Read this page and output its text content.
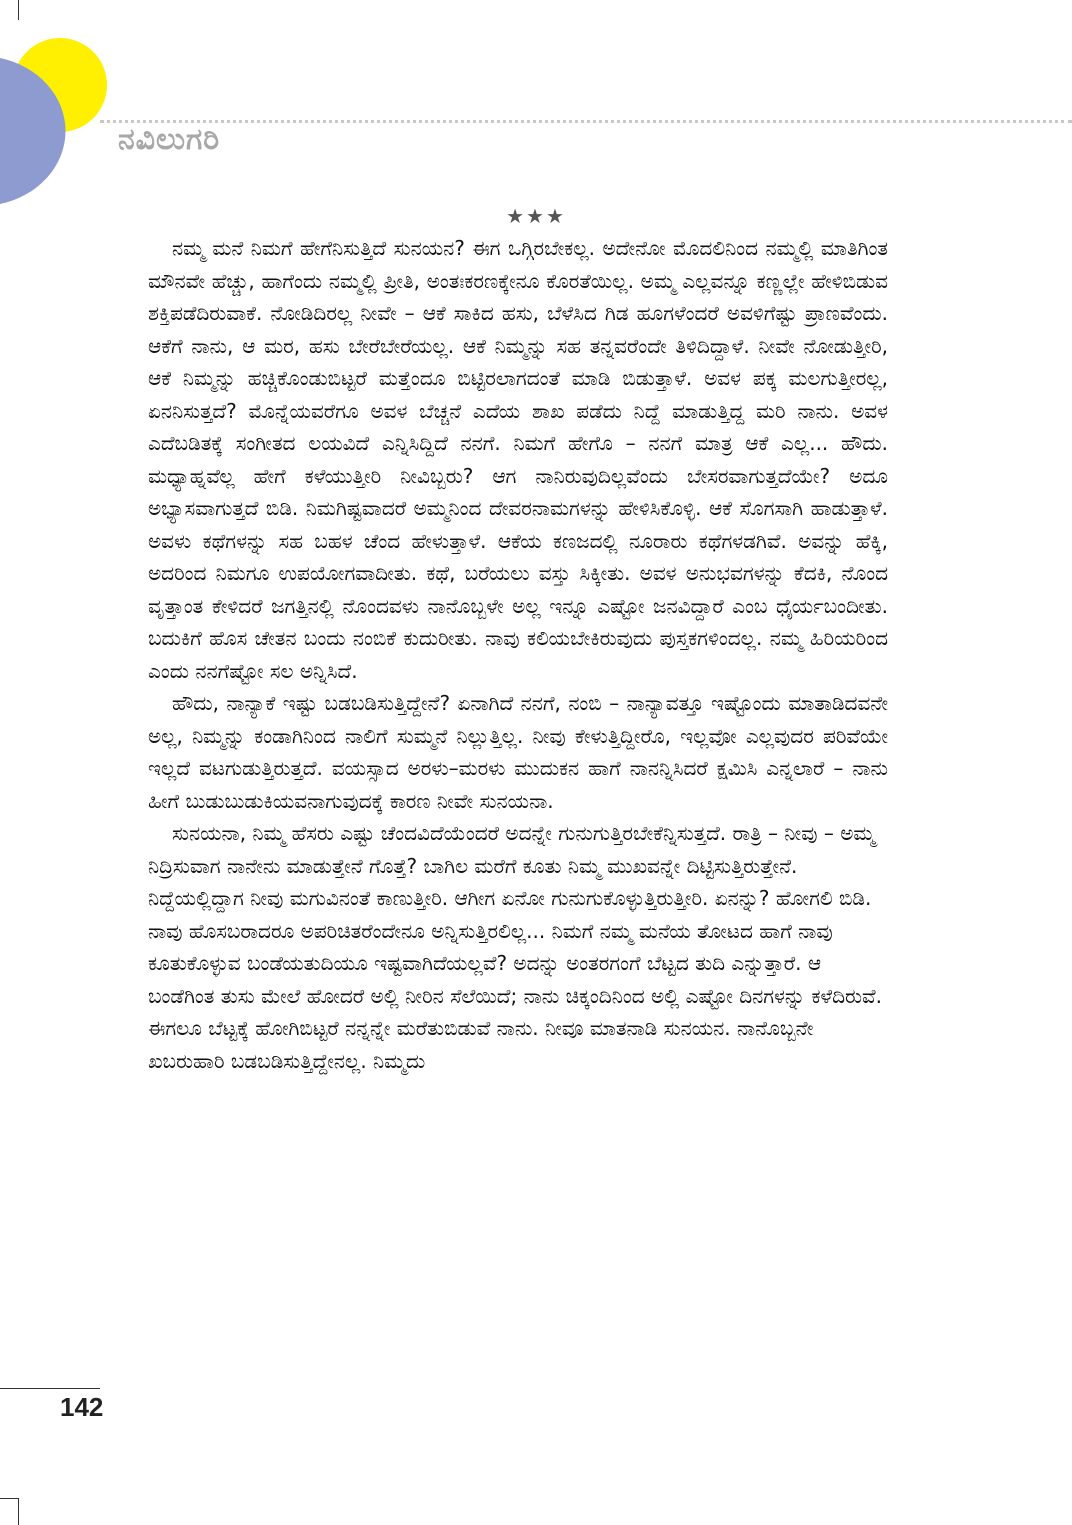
ನವಿಲುಗರಿ
★★★

ನಮ್ಮ ಮನೆ ನಿಮಗೆ ಹೇಗೆನಿಸುತ್ತಿದೆ ಸುನಯನ? ಈಗ ಒಗ್ಗಿರಬೇಕಲ್ಲ. ಅದೇನೋ ಮೊದಲಿನಿಂದ ನಮ್ಮಲ್ಲಿ ಮಾತಿಗಿಂತ ಮೌನವೇ ಹೆಚ್ಚು, ಹಾಗೆಂದು ನಮ್ಮಲ್ಲಿ ಪ್ರೀತಿ, ಅಂತಃಕರಣಕ್ಕೇನೂ ಕೊರತೆಯಿಲ್ಲ. ಅಮ್ಮ ಎಲ್ಲವನ್ನೂ ಕಣ್ಣಲ್ಲೇ ಹೇಳಿಬಿಡುವ ಶಕ್ತಿಪಡೆದಿರುವಾಕೆ. ನೋಡಿದಿರಲ್ಲ ನೀವೇ – ಆಕೆ ಸಾಕಿದ ಹಸು, ಬೆಳೆಸಿದ ಗಿಡ ಹೂಗಳೆಂದರೆ ಅವಳಿಗೆಷ್ಟು ಪ್ರಾಣವೆಂದು. ಆಕೆಗೆ ನಾನು, ಆ ಮರ, ಹಸು ಬೇರೆಬೇರೆಯಲ್ಲ. ಆಕೆ ನಿಮ್ಮನ್ನು ಸಹ ತನ್ನವರೆಂದೇ ತಿಳಿದಿದ್ದಾಳೆ. ನೀವೇ ನೋಡುತ್ತೀರಿ, ಆಕೆ ನಿಮ್ಮನ್ನು ಹಚ್ಚಿಕೊಂಡುಬಿಟ್ಟರೆ ಮತ್ತೆಂದೂ ಬಿಟ್ಟಿರಲಾಗದಂತೆ ಮಾಡಿ ಬಿಡುತ್ತಾಳೆ. ಅವಳ ಪಕ್ಕ ಮಲಗುತ್ತೀರಲ್ಲ, ಏನನಿಸುತ್ತದೆ? ಮೊನ್ನೆಯವರೆಗೂ ಅವಳ ಬೆಚ್ಚನೆ ಎದೆಯ ಶಾಖ ಪಡೆದು ನಿದ್ದೆ ಮಾಡುತ್ತಿದ್ದ ಮರಿ ನಾನು. ಅವಳ ಎದೆಬಡಿತಕ್ಕೆ ಸಂಗೀತದ ಲಯವಿದೆ ಎನ್ನಿಸಿದ್ದಿದೆ ನನಗೆ. ನಿಮಗೆ ಹೇಗೊ – ನನಗೆ ಮಾತ್ರ ಆಕೆ ಎಲ್ಲ... ಹೌದು. ಮಧ್ಯಾಹ್ನವೆಲ್ಲ ಹೇಗೆ ಕಳೆಯುತ್ತೀರಿ ನೀವಿಬ್ಬರು? ಆಗ ನಾನಿರುವುದಿಲ್ಲವೆಂದು ಬೇಸರವಾಗುತ್ತದೆಯೇ? ಅದೂ ಅಭ್ಯಾಸವಾಗುತ್ತದೆ ಬಿಡಿ. ನಿಮಗಿಷ್ಟವಾದರೆ ಅಮ್ಮನಿಂದ ದೇವರನಾಮಗಳನ್ನು ಹೇಳಿಸಿಕೊಳ್ಳಿ. ಆಕೆ ಸೊಗಸಾಗಿ ಹಾಡುತ್ತಾಳೆ. ಅವಳು ಕಥೆಗಳನ್ನು ಸಹ ಬಹಳ ಚೆಂದ ಹೇಳುತ್ತಾಳೆ. ಆಕೆಯ ಕಣಜದಲ್ಲಿ ನೂರಾರು ಕಥೆಗಳಡಗಿವೆ. ಅವನ್ನು ಹೆಕ್ಕಿ, ಅದರಿಂದ ನಿಮಗೂ ಉಪಯೋಗವಾದೀತು. ಕಥೆ, ಬರೆಯಲು ವಸ್ತು ಸಿಕ್ಕೀತು. ಅವಳ ಅನುಭವಗಳನ್ನು ಕೆದಕಿ, ನೊಂದ ವೃತ್ತಾಂತ ಕೇಳಿದರೆ ಜಗತ್ತಿನಲ್ಲಿ ನೊಂದವಳು ನಾನೊಬ್ಬಳೇ ಅಲ್ಲ ಇನ್ನೂ ಎಷ್ಟೋ ಜನವಿದ್ದಾರೆ ಎಂಬ ಧೈರ್ಯಬಂದೀತು. ಬದುಕಿಗೆ ಹೊಸ ಚೇತನ ಬಂದು ನಂಬಿಕೆ ಕುದುರೀತು. ನಾವು ಕಲಿಯಬೇಕಿರುವುದು ಪುಸ್ತಕಗಳಿಂದಲ್ಲ. ನಮ್ಮ ಹಿರಿಯರಿಂದ ಎಂದು ನನಗೆಷ್ಟೋ ಸಲ ಅನ್ನಿಸಿದೆ.

ಹೌದು, ನಾನ್ಯಾಕೆ ಇಷ್ಟು ಬಡಬಡಿಸುತ್ತಿದ್ದೇನೆ? ಏನಾಗಿದೆ ನನಗೆ, ನಂಬಿ – ನಾನ್ಯಾವತ್ತೂ ಇಷ್ಟೊಂದು ಮಾತಾಡಿದವನೇ ಅಲ್ಲ, ನಿಮ್ಮನ್ನು ಕಂಡಾಗಿನಿಂದ ನಾಲಿಗೆ ಸುಮ್ಮನೆ ನಿಲ್ಲುತ್ತಿಲ್ಲ. ನೀವು ಕೇಳುತ್ತಿದ್ದೀರೊ, ಇಲ್ಲವೋ ಎಲ್ಲವುದರ ಪರಿವೆಯೇ ಇಲ್ಲದೆ ವಟಗುಡುತ್ತಿರುತ್ತದೆ. ವಯಸ್ಸಾದ ಅರಳು–ಮರಳು ಮುದುಕನ ಹಾಗೆ ನಾನನ್ನಿಸಿದರೆ ಕ್ಷಮಿಸಿ ಎನ್ನಲಾರೆ – ನಾನು ಹೀಗೆ ಬುಡುಬುಡುಕಿಯವನಾಗುವುದಕ್ಕೆ ಕಾರಣ ನೀವೇ ಸುನಯನಾ.

ಸುನಯನಾ, ನಿಮ್ಮ ಹೆಸರು ಎಷ್ಟು ಚೆಂದವಿದೆಯೆಂದರೆ ಅದನ್ನೇ ಗುನುಗುತ್ತಿರಬೇಕೆನ್ನಿಸುತ್ತದೆ. ರಾತ್ರಿ – ನೀವು – ಅಮ್ಮ ನಿದ್ರಿಸುವಾಗ ನಾನೇನು ಮಾಡುತ್ತೇನೆ ಗೊತ್ತೆ? ಬಾಗಿಲ ಮರೆಗೆ ಕೂತು ನಿಮ್ಮ ಮುಖವನ್ನೇ ದಿಟ್ಟಿಸುತ್ತಿರುತ್ತೇನೆ. ನಿದ್ದೆಯಲ್ಲಿದ್ದಾಗ ನೀವು ಮಗುವಿನಂತೆ ಕಾಣುತ್ತೀರಿ. ಆಗೀಗ ಏನೋ ಗುನುಗುಕೊಳ್ಳುತ್ತಿರುತ್ತೀರಿ. ಏನನ್ನು? ಹೋಗಲಿ ಬಿಡಿ. ನಾವು ಹೊಸಬರಾದರೂ ಅಪರಿಚಿತರೆಂದೇನೂ ಅನ್ನಿಸುತ್ತಿರಲಿಲ್ಲ... ನಿಮಗೆ ನಮ್ಮ ಮನೆಯ ತೋಟದ ಹಾಗೆ ನಾವು ಕೂತುಕೊಳ್ಳುವ ಬಂಡೆಯತುದಿಯೂ ಇಷ್ಟವಾಗಿದೆಯಲ್ಲವೆ? ಅದನ್ನು ಅಂತರಗಂಗೆ ಬೆಟ್ಟದ ತುದಿ ಎನ್ನುತ್ತಾರೆ. ಆ ಬಂಡೆಗಿಂತ ತುಸು ಮೇಲೆ ಹೋದರೆ ಅಲ್ಲಿ ನೀರಿನ ಸೆಲೆಯಿದೆ; ನಾನು ಚಿಕ್ಕಂದಿನಿಂದ ಅಲ್ಲಿ ಎಷ್ಟೋ ದಿನಗಳನ್ನು ಕಳೆದಿರುವೆ. ಈಗಲೂ ಬೆಟ್ಟಕ್ಕೆ ಹೋಗಿಬಿಟ್ಟರೆ ನನ್ನನ್ನೇ ಮರೆತುಬಿಡುವೆ ನಾನು. ನೀವೂ ಮಾತನಾಡಿ ಸುನಯನ. ನಾನೊಬ್ಬನೇ ಖಬರುಹಾರಿ ಬಡಬಡಿಸುತ್ತಿದ್ದೇನಲ್ಲ. ನಿಮ್ಮದು

142
